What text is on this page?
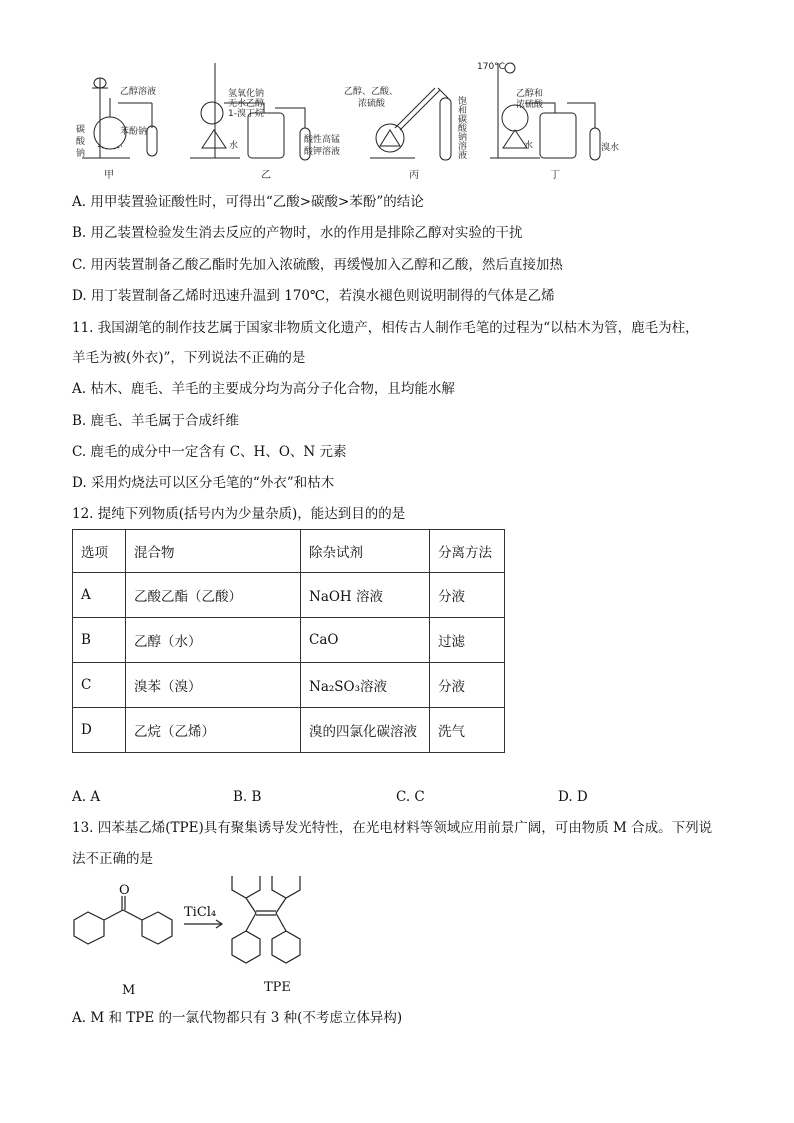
乙醇溶液
碳
酸
钠
苯酚钠
甲
氢氧化钠
无水乙醇
1-溴丁烷
水
酸性高锰
酸钾溶液
乙
乙醇、乙酸、
浓硫酸	饱和碳酸钠溶液
丙
170°C
乙醇和
浓硫酸
水	溴水
丁
A. 用甲装置验证酸性时，可得出“乙酸>碳酸>苯酚”的结论
B. 用乙装置检验发生消去反应的产物时，水的作用是排除乙醇对实验的干扰
C. 用丙装置制备乙酸乙酯时先加入浓硫酸，再缓慢加入乙醇和乙酸，然后直接加热
D. 用丁装置制备乙烯时迅速升温到 170℃，若溴水褪色则说明制得的气体是乙烯
11. 我国湖笔的制作技艺属于国家非物质文化遗产，相传古人制作毛笔的过程为“以枯木为管，鹿毛为柱，
羊毛为被(外衣)”，下列说法不正确的是
A. 枯木、鹿毛、羊毛的主要成分均为高分子化合物，且均能水解
B. 鹿毛、羊毛属于合成纤维
C. 鹿毛的成分中一定含有 C、H、O、N 元素
D. 采用灼烧法可以区分毛笔的“外衣”和枯木
12. 提纯下列物质(括号内为少量杂质)，能达到目的的是
选项	混合物	除杂试剂	分离方法
A	乙酸乙酯（乙酸）	NaOH 溶液	分液
B	乙醇（水）	CaO	过滤
C	溴苯（溴）	Na₂SO₃溶液	分液
D	乙烷（乙烯）	溴的四氯化碳溶液	洗气
A. A	B. B	C. C	D. D
13. 四苯基乙烯(TPE)具有聚集诱导发光特性，在光电材料等领域应用前景广阔，可由物质 M 合成。下列说
法不正确的是
O
TiCl₄
M	TPE
A. M 和 TPE 的一氯代物都只有 3 种(不考虑立体异构)
